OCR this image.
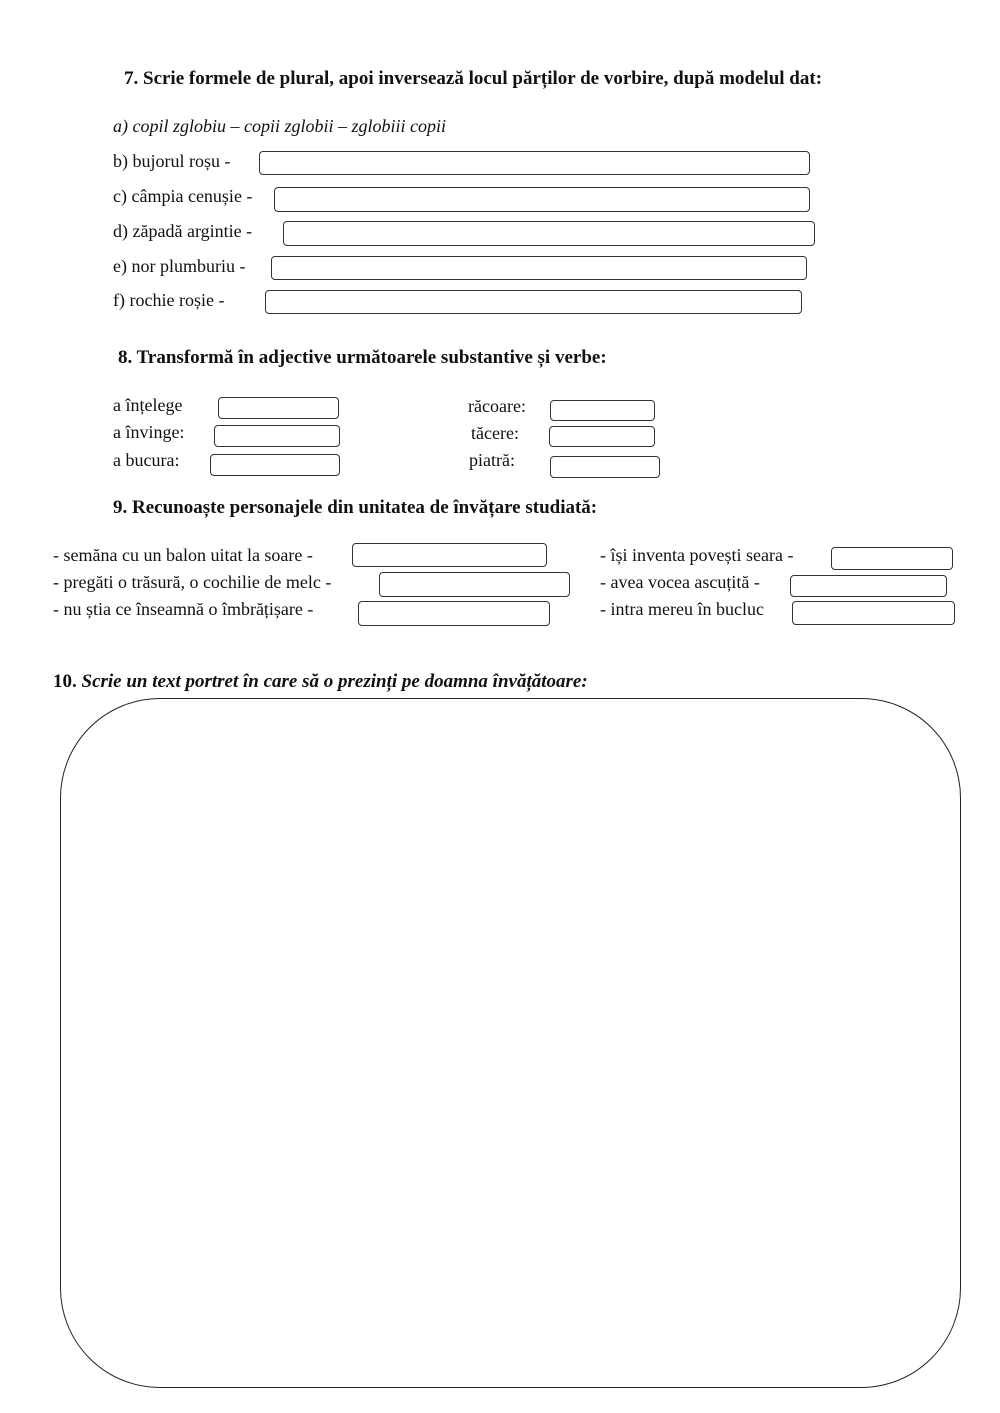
7. Scrie formele de plural, apoi inversează locul părților de vorbire, după modelul dat:
a) copil zglobiu – copii zglobii – zglobiii copii
b) bujorul roșu -
c) câmpia cenușie -
d) zăpadă argintie -
e) nor plumburiu -
f) rochie roșie -
8. Transformă în adjective următoarele substantive și verbe:
a înțelege
a învinge:
a bucura:
răcoare:
tăcere:
piatră:
9. Recunoaște personajele din unitatea de învățare studiată:
- semăna cu un balon uitat la soare -
- pregăti o trăsură, o cochilie de melc -
- nu știa ce înseamnă o îmbrățișare -
- își inventa povești seara -
- avea vocea ascuțită -
- intra mereu în bucluc
10. Scrie un text portret în care să o prezinți pe doamna învățătoare:
